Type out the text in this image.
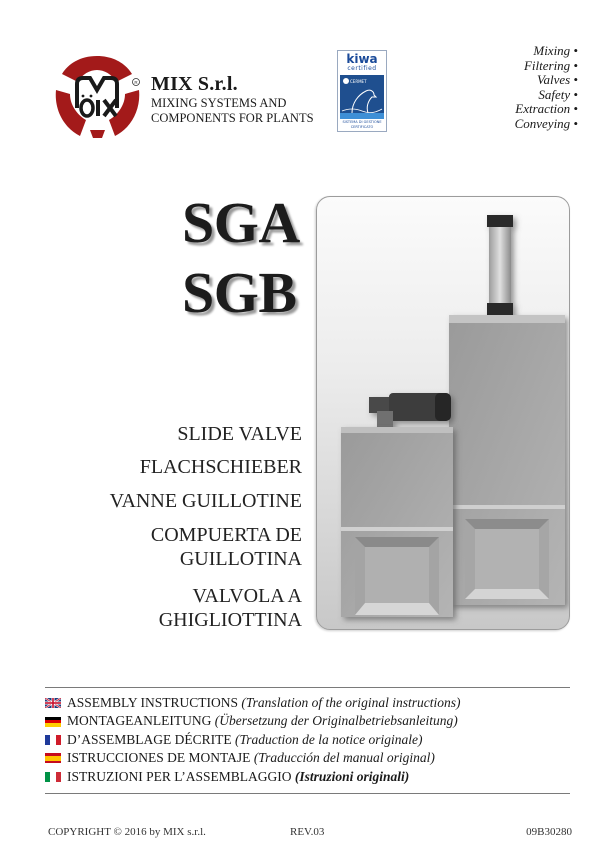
R MIX S.r.l.
MIXING SYSTEMS AND
COMPONENTS FOR PLANTS
kiwa
certified
CERMET
SISTEMA DI GESTIONE CERTIFICATO
Mixing •
Filtering •
Valves •
Safety •
Extraction •
Conveying •
SGA
SGB
SLIDE VALVE
FLACHSCHIEBER
VANNE GUILLOTINE
COMPUERTA DE
GUILLOTINA
VALVOLA A
GHIGLIOTTINA
ASSEMBLY INSTRUCTIONS
(Translation of the original instructions)
MONTAGEANLEITUNG
(Übersetzung der Originalbetriebsanleitung)
D’ASSEMBLAGE DÉCRITE
(Traduction de la notice originale)
ISTRUCCIONES DE MONTAJE
(Traducción del manual original)
ISTRUZIONI PER L’ASSEMBLAGGIO
(Istruzioni originali)
COPYRIGHT © 2016 by MIX s.r.l.	REV.03	09B30280
